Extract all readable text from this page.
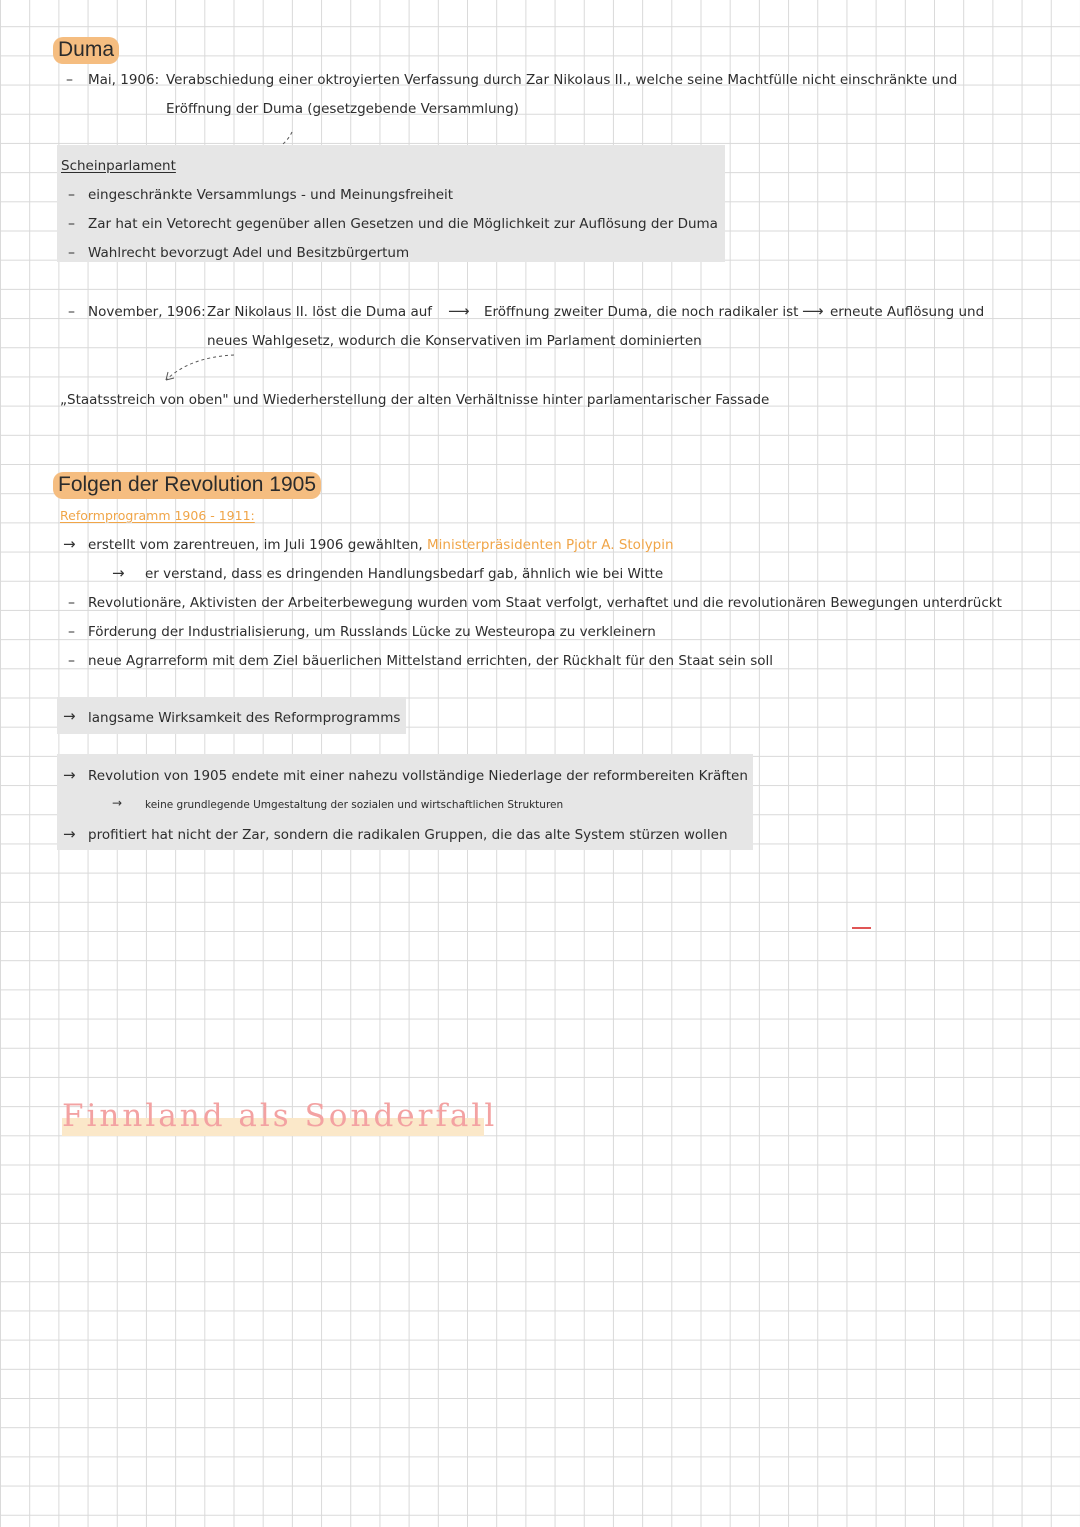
Duma
– Mai, 1906: Verabschiedung einer oktroyierten Verfassung durch Zar Nikolaus II., welche seine Machtfülle nicht einschränkte und
Eröffnung der Duma (gesetzgebende Versammlung)
Scheinparlament
– eingeschränkte Versammlungs - und Meinungsfreiheit
– Zar hat ein Vetorecht gegenüber allen Gesetzen und die Möglichkeit zur Auflösung der Duma
– Wahlrecht bevorzugt Adel und Besitzbürgertum
– November, 1906: Zar Nikolaus II. löst die Duma auf ⟶ Eröffnung zweiter Duma, die noch radikaler ist ⟶ erneute Auflösung und
neues Wahlgesetz, wodurch die Konservativen im Parlament dominierten
„Staatsstreich von oben" und Wiederherstellung der alten Verhältnisse hinter parlamentarischer Fassade
Folgen der Revolution 1905
Reformprogramm 1906 - 1911:
→ erstellt vom zarentreuen, im Juli 1906 gewählten, Ministerpräsidenten Pjotr A. Stolypin
→ er verstand, dass es dringenden Handlungsbedarf gab, ähnlich wie bei Witte
– Revolutionäre, Aktivisten der Arbeiterbewegung wurden vom Staat verfolgt, verhaftet und die revolutionären Bewegungen unterdrückt
– Förderung der Industrialisierung, um Russlands Lücke zu Westeuropa zu verkleinern
– neue Agrarreform mit dem Ziel bäuerlichen Mittelstand errichten, der Rückhalt für den Staat sein soll
→ langsame Wirksamkeit des Reformprogramms
→ Revolution von 1905 endete mit einer nahezu vollständige Niederlage der reformbereiten Kräften
→ keine grundlegende Umgestaltung der sozialen und wirtschaftlichen Strukturen
→ profitiert hat nicht der Zar, sondern die radikalen Gruppen, die das alte System stürzen wollen
Finnland als Sonderfall
